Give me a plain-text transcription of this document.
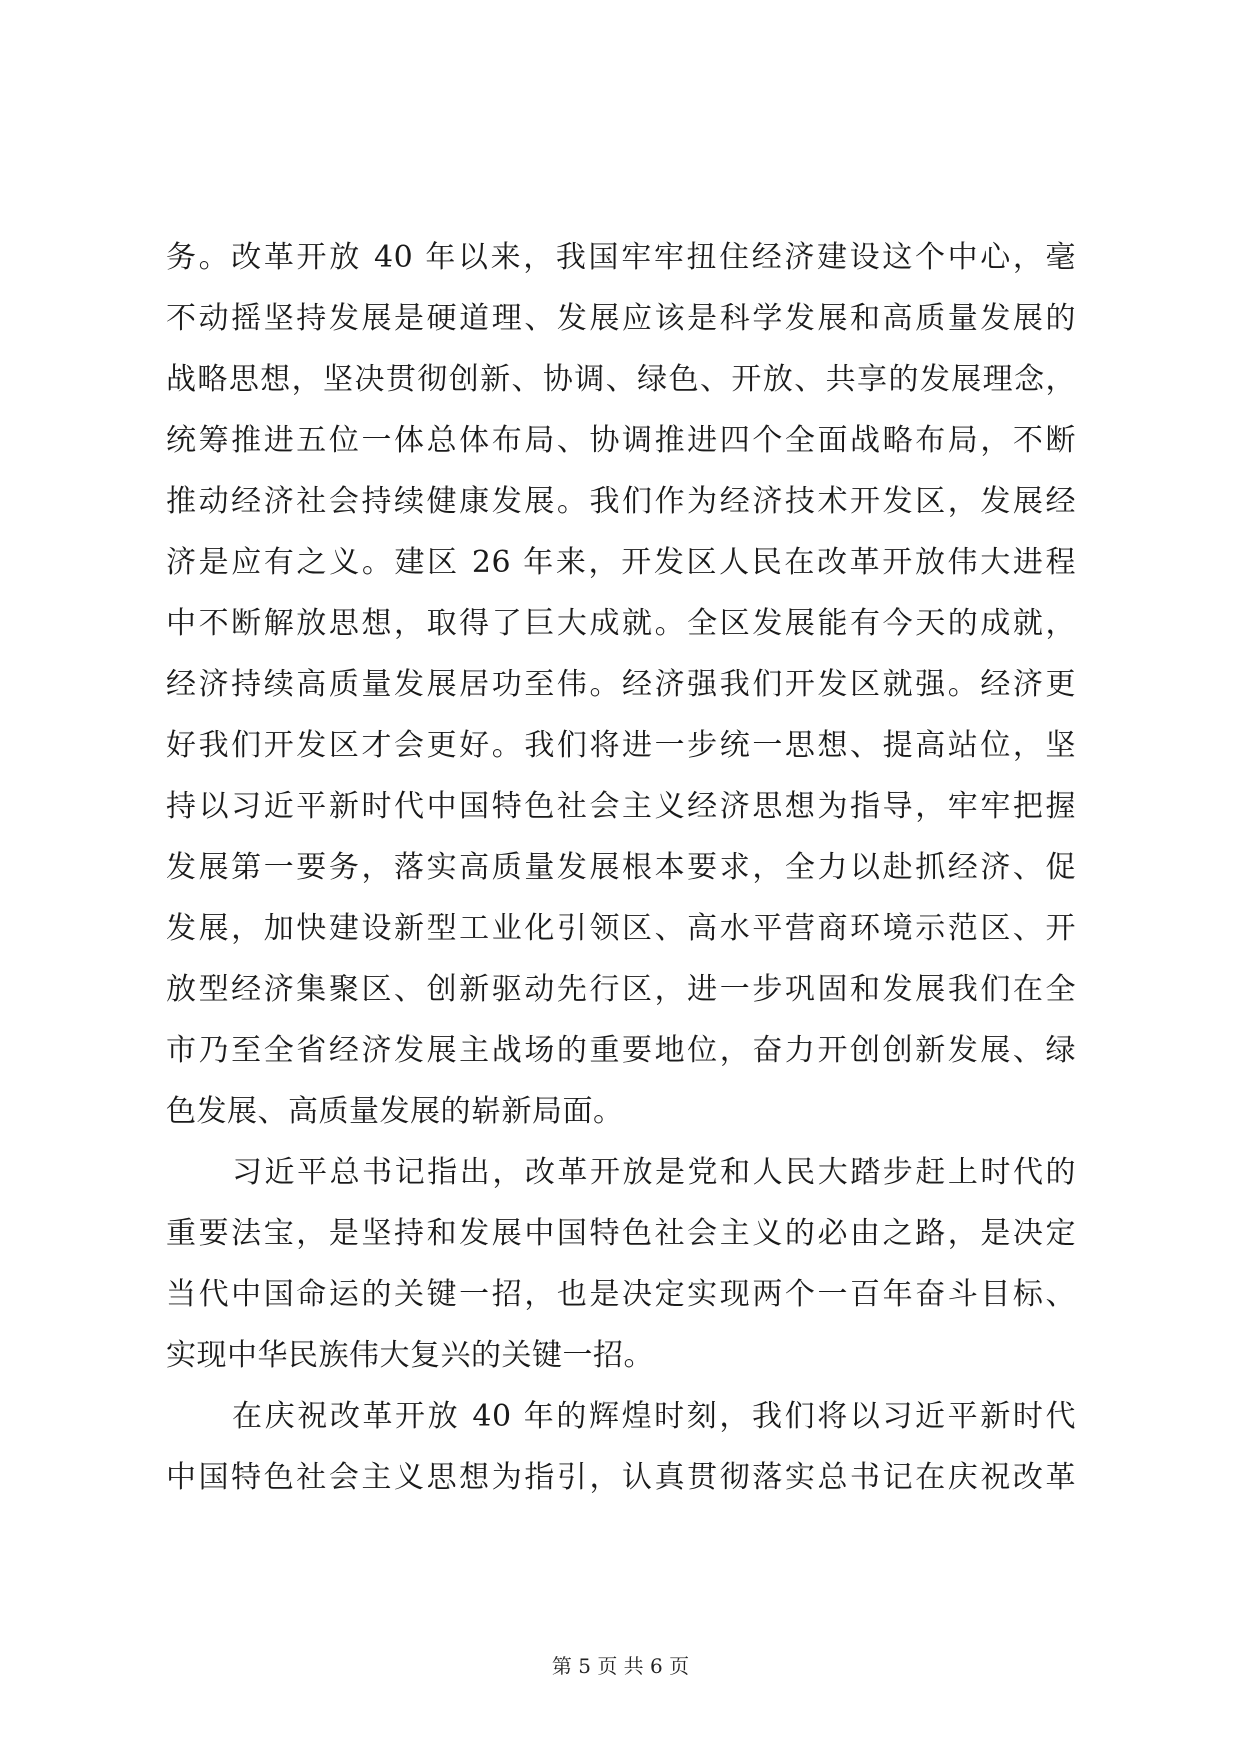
务。改革开放 40 年以来，我国牢牢扭住经济建设这个中心，毫
不动摇坚持发展是硬道理、发展应该是科学发展和高质量发展的
战略思想，坚决贯彻创新、协调、绿色、开放、共享的发展理念，
统筹推进五位一体总体布局、协调推进四个全面战略布局，不断
推动经济社会持续健康发展。我们作为经济技术开发区，发展经
济是应有之义。建区 26 年来，开发区人民在改革开放伟大进程
中不断解放思想，取得了巨大成就。全区发展能有今天的成就，
经济持续高质量发展居功至伟。经济强我们开发区就强。经济更
好我们开发区才会更好。我们将进一步统一思想、提高站位，坚
持以习近平新时代中国特色社会主义经济思想为指导，牢牢把握
发展第一要务，落实高质量发展根本要求，全力以赴抓经济、促
发展，加快建设新型工业化引领区、高水平营商环境示范区、开
放型经济集聚区、创新驱动先行区，进一步巩固和发展我们在全
市乃至全省经济发展主战场的重要地位，奋力开创创新发展、绿
色发展、高质量发展的崭新局面。
习近平总书记指出，改革开放是党和人民大踏步赶上时代的
重要法宝，是坚持和发展中国特色社会主义的必由之路，是决定
当代中国命运的关键一招，也是决定实现两个一百年奋斗目标、
实现中华民族伟大复兴的关键一招。
在庆祝改革开放 40 年的辉煌时刻，我们将以习近平新时代
中国特色社会主义思想为指引，认真贯彻落实总书记在庆祝改革
第 5 页 共 6 页
